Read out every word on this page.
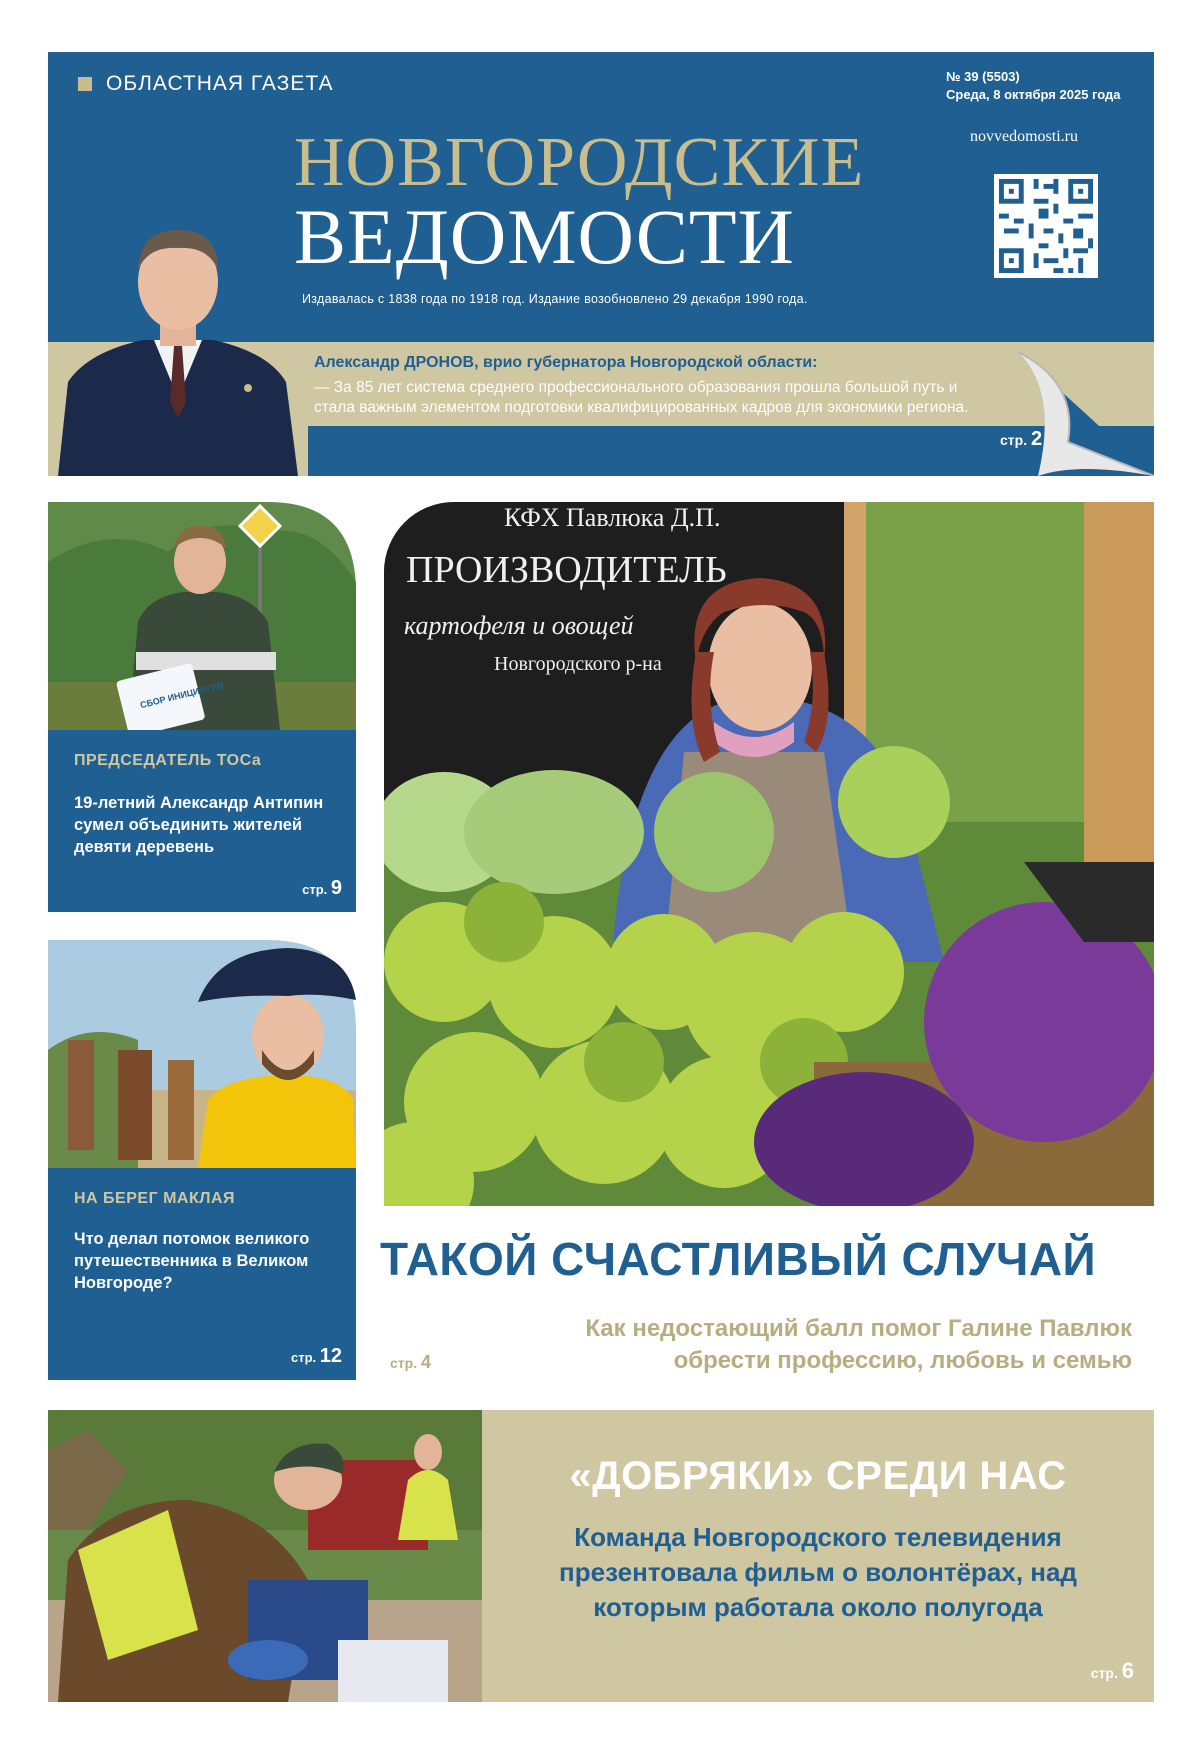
ОБЛАСТНАЯ ГАЗЕТА	№ 39 (5503)
Среда, 8 октября 2025 года
НОВГОРОДСКИЕ
ВЕДОМОСТИ
novvedomosti.ru
Издавалась с 1838 года по 1918 год. Издание возобновлено 29 декабря 1990 года.
Александр ДРОНОВ, врио губернатора Новгородской области:
— За 85 лет система среднего профессионального образования прошла большой путь и стала важным элементом подготовки квалифицированных кадров для экономики региона.
стр. 2
СБОР ИНИЦИАТИВ
ПРЕДСЕДАТЕЛЬ ТОСа
19-летний Александр Антипин сумел объединить жителей девяти деревень
стр. 9
НА БЕРЕГ МАКЛАЯ
Что делал потомок великого путешественника в Великом Новгороде?
стр. 12
КФХ Павлюка Д.П.
ПРОИЗВОДИТЕЛЬ
картофеля и овощей
Новгородского р-на
ТАКОЙ СЧАСТЛИВЫЙ СЛУЧАЙ
стр. 4
Как недостающий балл помог Галине Павлюк
обрести профессию, любовь и семью
«ДОБРЯКИ» СРЕДИ НАС
Команда Новгородского телевидения презентовала фильм о волонтёрах, над которым работала около полугода
стр. 6
